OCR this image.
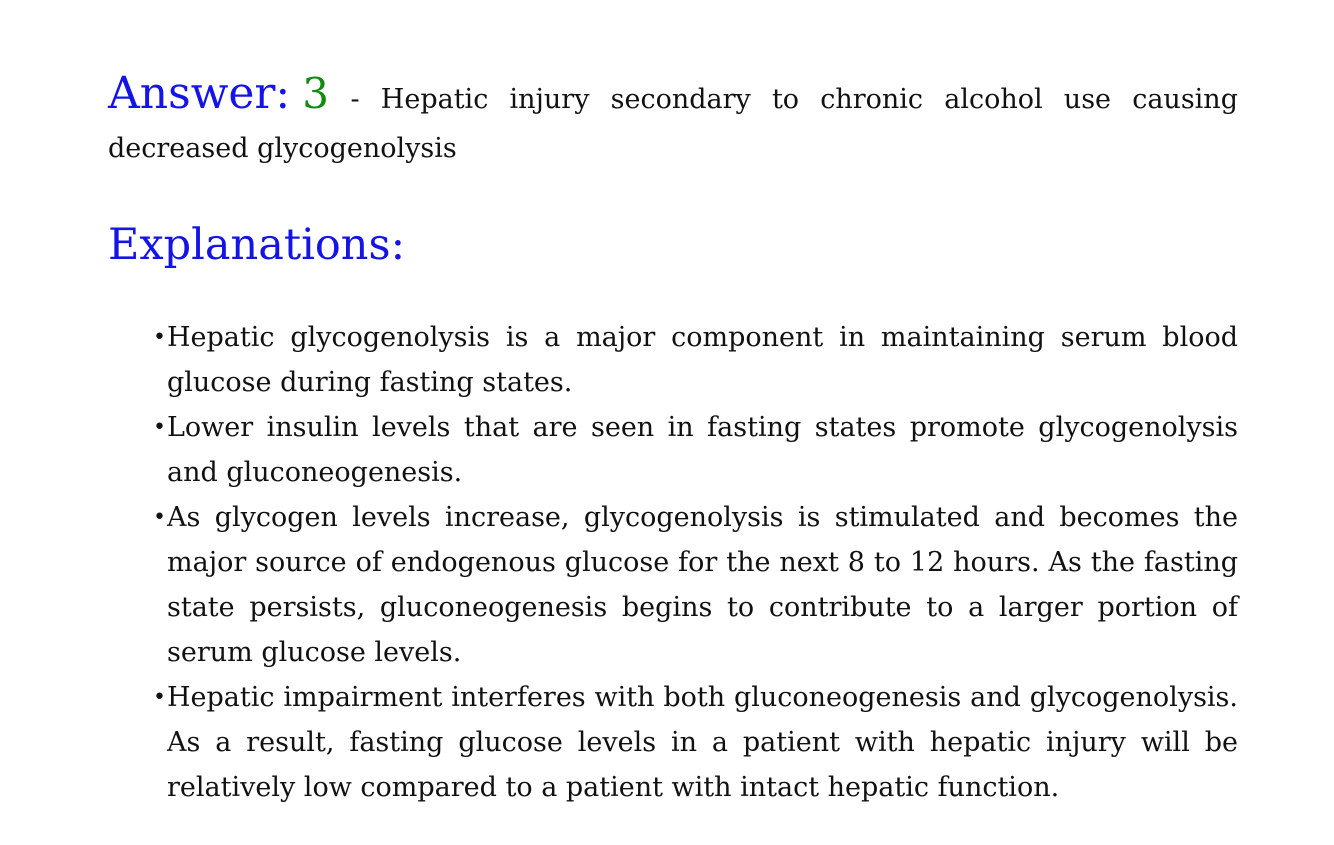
Answer: 3 - Hepatic injury secondary to chronic alcohol use causing decreased glycogenolysis

Explanations:
• Hepatic glycogenolysis is a major component in maintaining serum blood glucose during fasting states.
• Lower insulin levels that are seen in fasting states promote glycogenolysis and gluconeogenesis.
• As glycogen levels increase, glycogenolysis is stimulated and becomes the major source of endogenous glucose for the next 8 to 12 hours. As the fasting state persists, gluconeogenesis begins to contribute to a larger portion of serum glucose levels.
• Hepatic impairment interferes with both gluconeogenesis and glycogenolysis. As a result, fasting glucose levels in a patient with hepatic injury will be relatively low compared to a patient with intact hepatic function.
